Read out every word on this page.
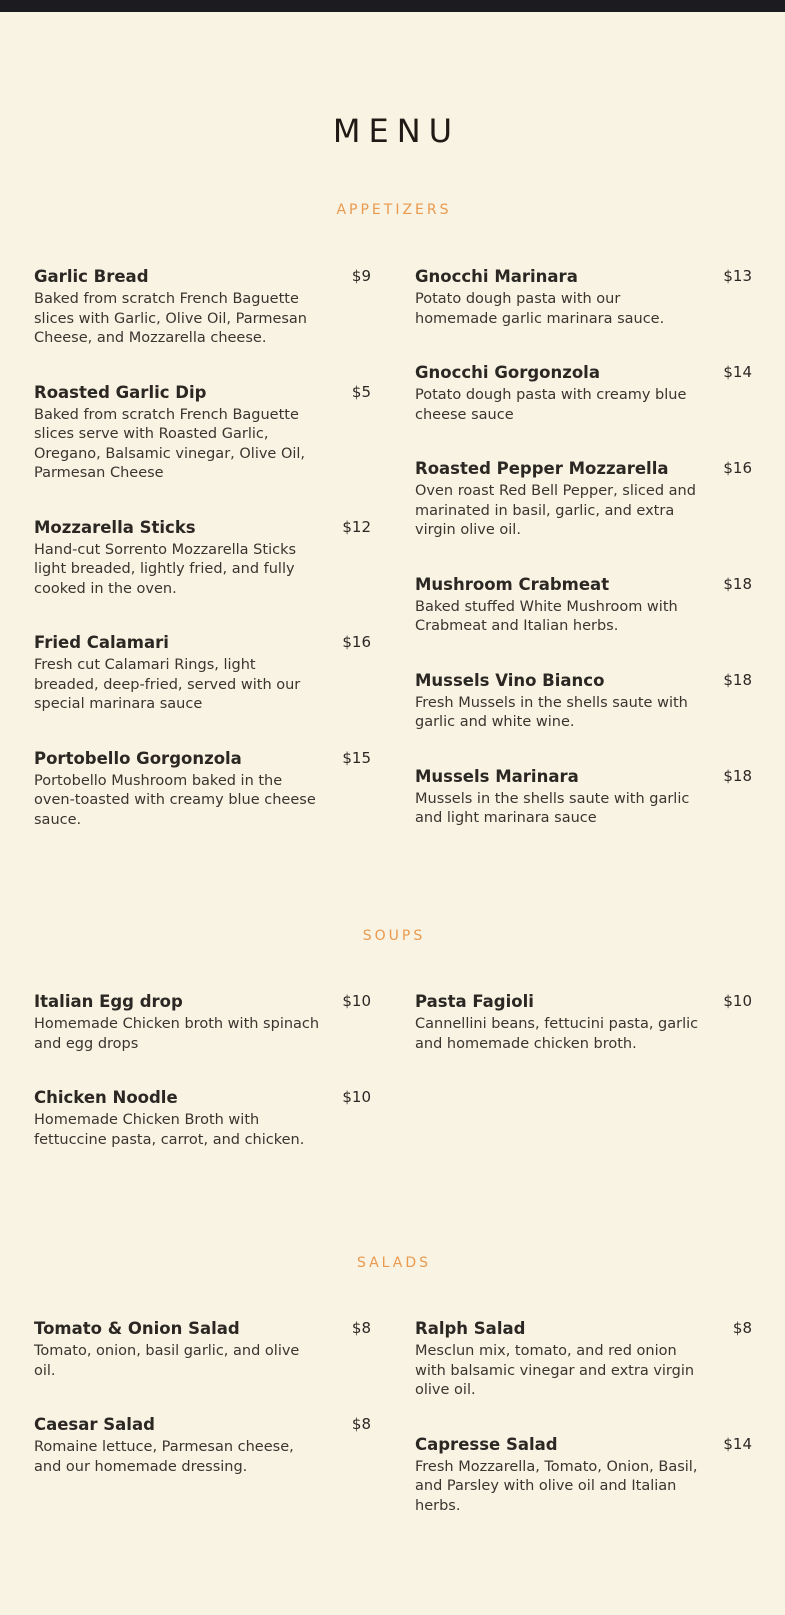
MENU
APPETIZERS
Garlic Bread	$9
Baked from scratch French Baguette slices with Garlic, Olive Oil, Parmesan Cheese, and Mozzarella cheese.
Roasted Garlic Dip	$5
Baked from scratch French Baguette slices serve with Roasted Garlic, Oregano, Balsamic vinegar, Olive Oil, Parmesan Cheese
Mozzarella Sticks	$12
Hand-cut Sorrento Mozzarella Sticks light breaded, lightly fried, and fully cooked in the oven.
Fried Calamari	$16
Fresh cut Calamari Rings, light breaded, deep-fried, served with our special marinara sauce
Portobello Gorgonzola	$15
Portobello Mushroom baked in the oven-toasted with creamy blue cheese sauce.
Gnocchi Marinara	$13
Potato dough pasta with our homemade garlic marinara sauce.
Gnocchi Gorgonzola	$14
Potato dough pasta with creamy blue cheese sauce
Roasted Pepper Mozzarella	$16
Oven roast Red Bell Pepper, sliced and marinated in basil, garlic, and extra virgin olive oil.
Mushroom Crabmeat	$18
Baked stuffed White Mushroom with Crabmeat and Italian herbs.
Mussels Vino Bianco	$18
Fresh Mussels in the shells saute with garlic and white wine.
Mussels Marinara	$18
Mussels in the shells saute with garlic and light marinara sauce
SOUPS
Italian Egg drop	$10
Homemade Chicken broth with spinach and egg drops
Chicken Noodle	$10
Homemade Chicken Broth with fettuccine pasta, carrot, and chicken.
Pasta Fagioli	$10
Cannellini beans, fettucini pasta, garlic and homemade chicken broth.
SALADS
Tomato & Onion Salad	$8
Tomato, onion, basil garlic, and olive oil.
Caesar Salad	$8
Romaine lettuce, Parmesan cheese, and our homemade dressing.
Ralph Salad	$8
Mesclun mix, tomato, and red onion with balsamic vinegar and extra virgin olive oil.
Capresse Salad	$14
Fresh Mozzarella, Tomato, Onion, Basil, and Parsley with olive oil and Italian herbs.
